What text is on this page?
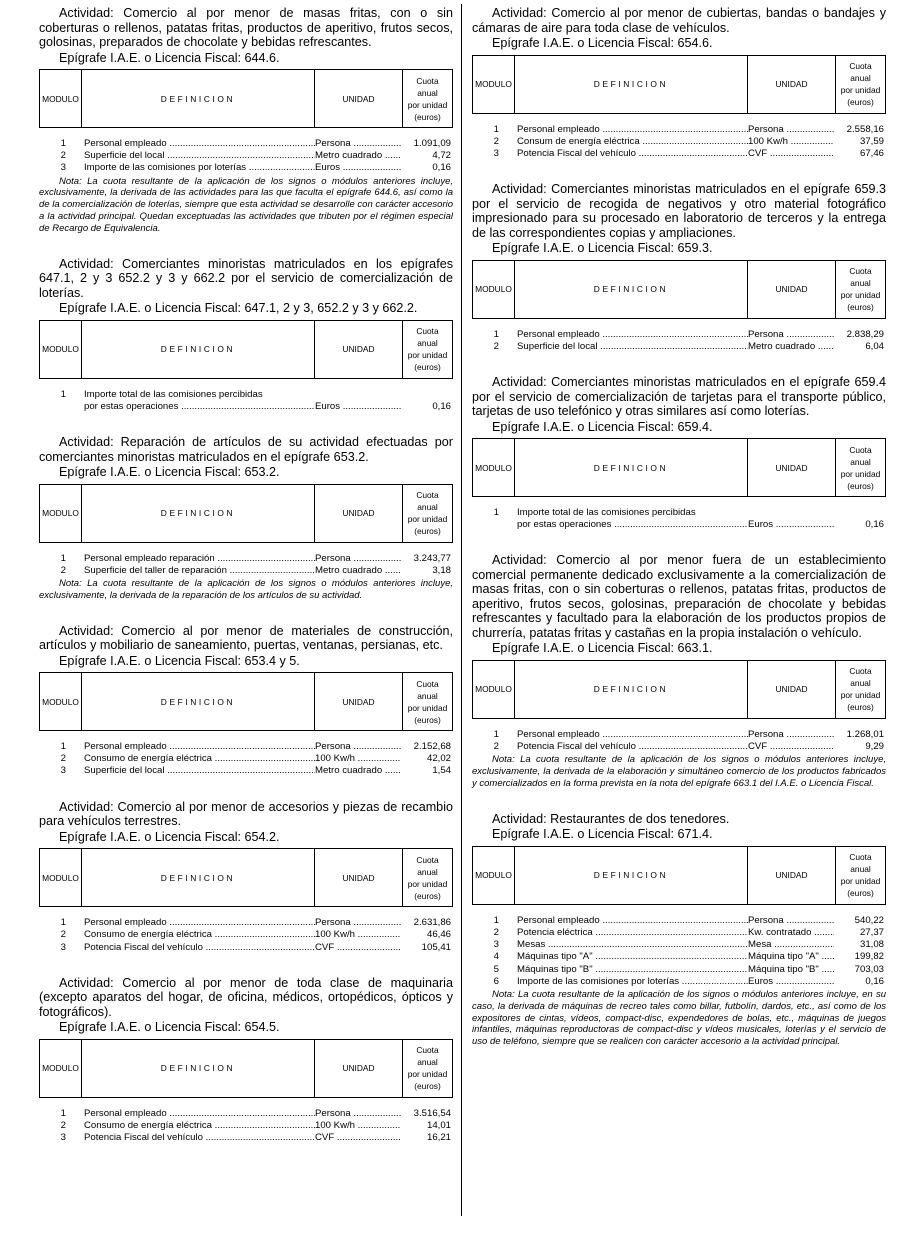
Actividad: Comercio al por menor de masas fritas, con o sin coberturas o rellenos, patatas fritas, productos de aperitivo, frutos secos, golosinas, preparados de chocolate y bebidas refrescantes.

Epígrafe I.A.E. o Licencia Fiscal: 644.6.

MODULO	DEFINICION	UNIDAD	
Cuota
anual
por unidad
(euros)
1	Personal empleado .....	Persona .....	1.091,09
2	Superficie del local .....	Metro cuadrado .....	4,72
3	Importe de las comisiones por loterías .....	Euros .....	0,16

Nota: La cuota resultante de la aplicación de los signos o módulos anteriores incluye, exclusivamente, la derivada de las actividades para las que faculta el epígrafe 644.6, así como la de la comercialización de loterías, siempre que esta actividad se desarrolle con carácter accesorio a la actividad principal. Quedan exceptuadas las actividades que tributen por el régimen especial de Recargo de Equivalencia.

Actividad: Comerciantes minoristas matriculados en los epígrafes 647.1, 2 y 3 652.2 y 3 y 662.2 por el servicio de comercialización de loterías.

Epígrafe I.A.E. o Licencia Fiscal: 647.1, 2 y 3, 652.2 y 3 y 662.2.

MODULO	DEFINICION	UNIDAD	
Cuota
anual
por unidad
(euros)
1	Importe total de las comisiones percibidas
por estas operaciones .....	Euros .....	0,16

Actividad: Reparación de artículos de su actividad efectuadas por comerciantes minoristas matriculados en el epígrafe 653.2.

Epígrafe I.A.E. o Licencia Fiscal: 653.2.

MODULO	DEFINICION	UNIDAD	
Cuota
anual
por unidad
(euros)
1	Personal empleado reparación .....	Persona .....	3.243,77
2	Superficie del taller de reparación .....	Metro cuadrado .....	3,18

Nota: La cuota resultante de la aplicación de los signos o módulos anteriores incluye, exclusivamente, la derivada de la reparación de los artículos de su actividad.

Actividad: Comercio al por menor de materiales de construcción, artículos y mobiliario de saneamiento, puertas, ventanas, persianas, etc.

Epígrafe I.A.E. o Licencia Fiscal: 653.4 y 5.

MODULO	DEFINICION	UNIDAD	
Cuota
anual
por unidad
(euros)
1	Personal empleado .....	Persona .....	2.152,68
2	Consumo de energía eléctrica .....	100 Kw/h .....	42,02
3	Superficie del local .....	Metro cuadrado .....	1,54

Actividad: Comercio al por menor de accesorios y piezas de recambio para vehículos terrestres.

Epígrafe I.A.E. o Licencia Fiscal: 654.2.

MODULO	DEFINICION	UNIDAD	
Cuota
anual
por unidad
(euros)
1	Personal empleado .....	Persona .....	2.631,86
2	Consumo de energía eléctrica .....	100 Kw/h .....	46,46
3	Potencia Fiscal del vehículo .....	CVF .....	105,41

Actividad: Comercio al por menor de toda clase de maquinaria (excepto aparatos del hogar, de oficina, médicos, ortopédicos, ópticos y fotográficos).

Epígrafe I.A.E. o Licencia Fiscal: 654.5.

MODULO	DEFINICION	UNIDAD	
Cuota
anual
por unidad
(euros)
1	Personal empleado .....	Persona .....	3.516,54
2	Consumo de energía eléctrica .....	100 Kw/h .....	14,01
3	Potencia Fiscal del vehículo .....	CVF .....	16,21

Actividad: Comercio al por menor de cubiertas, bandas o bandajes y cámaras de aire para toda clase de vehículos.

Epígrafe I.A.E. o Licencia Fiscal: 654.6.

MODULO	DEFINICION	UNIDAD	
Cuota
anual
por unidad
(euros)
1	Personal empleado .....	Persona .....	2.558,16
2	Consum de energía eléctrica .....	100 Kw/h .....	37,59
3	Potencia Fiscal del vehículo .....	CVF .....	67,46

Actividad: Comerciantes minoristas matriculados en el epígrafe 659.3 por el servicio de recogida de negativos y otro material fotográfico impresionado para su procesado en laboratorio de terceros y la entrega de las correspondientes copias y ampliaciones.

Epígrafe I.A.E. o Licencia Fiscal: 659.3.

MODULO	DEFINICION	UNIDAD	
Cuota
anual
por unidad
(euros)
1	Personal empleado .....	Persona .....	2.838,29
2	Superficie del local .....	Metro cuadrado .....	6,04

Actividad: Comerciantes minoristas matriculados en el epígrafe 659.4 por el servicio de comercialización de tarjetas para el transporte público, tarjetas de uso telefónico y otras similares así como loterías.

Epígrafe I.A.E. o Licencia Fiscal: 659.4.

MODULO	DEFINICION	UNIDAD	
Cuota
anual
por unidad
(euros)
1	Importe total de las comisiones percibidas
por estas operaciones .....	Euros .....	0,16

Actividad: Comercio al por menor fuera de un establecimiento comercial permanente dedicado exclusivamente a la comercialización de masas fritas, con o sin coberturas o rellenos, patatas fritas, productos de aperitivo, frutos secos, golosinas, preparación de chocolate y bebidas refrescantes y facultado para la elaboración de los productos propios de churrería, patatas fritas y castañas en la propia instalación o vehículo.

Epígrafe I.A.E. o Licencia Fiscal: 663.1.

MODULO	DEFINICION	UNIDAD	
Cuota
anual
por unidad
(euros)
1	Personal empleado .....	Persona .....	1.268,01
2	Potencia Fiscal del vehículo .....	CVF .....	9,29

Nota: La cuota resultante de la aplicación de los signos o módulos anteriores incluye, exclusivamente, la derivada de la elaboración y simultáneo comercio de los productos fabricados y comercializados en la forma prevista en la nota del epígrafe 663.1 del I.A.E. o Licencia Fiscal.

Actividad: Restaurantes de dos tenedores.

Epígrafe I.A.E. o Licencia Fiscal: 671.4.

MODULO	DEFINICION	UNIDAD	
Cuota
anual
por unidad
(euros)
1	Personal empleado .....	Persona .....	540,22
2	Potencia eléctrica .....	Kw. contratado .....	27,37
3	Mesas .....	Mesa .....	31,08
4	Máquinas tipo "A" .....	Máquina tipo "A" .....	199,82
5	Máquinas tipo "B" .....	Máquina tipo "B" .....	703,03
6	Importe de las comisiones por loterías .....	Euros .....	0,16

Nota: La cuota resultante de la aplicación de los signos o módulos anteriores incluye, en su caso, la derivada de máquinas de recreo tales como billar, futbolín, dardos, etc., así como de los expositores de cintas, vídeos, compact-disc, expendedores de bolas, etc., máquinas de juegos infantiles, máquinas reproductoras de compact-disc y vídeos musicales, loterías y el servicio de uso de teléfono, siempre que se realicen con carácter accesorio a la actividad principal.
